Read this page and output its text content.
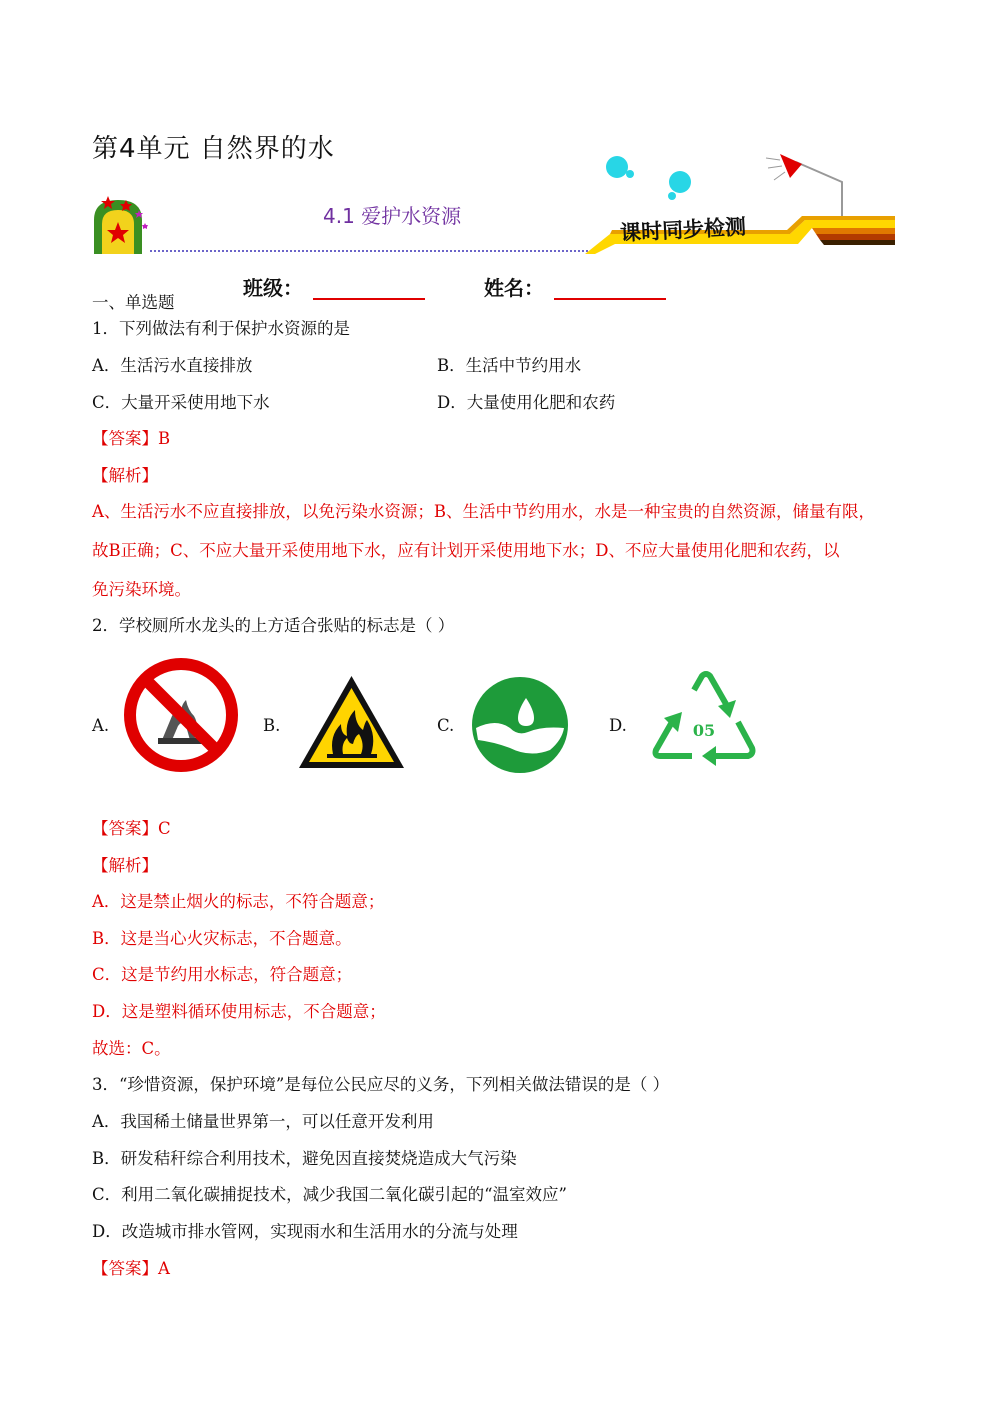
第4单元 自然界的水
4.1 爱护水资源	课时同步检测
班级：	姓名：
一、单选题
1．下列做法有利于保护水资源的是
A．生活污水直接排放	B．生活中节约用水
C．大量开采使用地下水	D．大量使用化肥和农药
【答案】B
【解析】
A、生活污水不应直接排放，以免污染水资源；B、生活中节约用水，水是一种宝贵的自然资源，储量有限，
故B正确；C、不应大量开采使用地下水，应有计划开采使用地下水；D、不应大量使用化肥和农药，以
免污染环境。
2．学校厕所水龙头的上方适合张贴的标志是（ ）
A.	B.	C.	D.	05
【答案】C
【解析】
A．这是禁止烟火的标志，不符合题意；
B．这是当心火灾标志，不合题意。
C．这是节约用水标志，符合题意；
D．这是塑料循环使用标志，不合题意；
故选：C。
3．“珍惜资源，保护环境”是每位公民应尽的义务，下列相关做法错误的是（ ）
A．我国稀土储量世界第一，可以任意开发利用
B．研发秸秆综合利用技术，避免因直接焚烧造成大气污染
C．利用二氧化碳捕捉技术，减少我国二氧化碳引起的“温室效应”
D．改造城市排水管网，实现雨水和生活用水的分流与处理
【答案】A
